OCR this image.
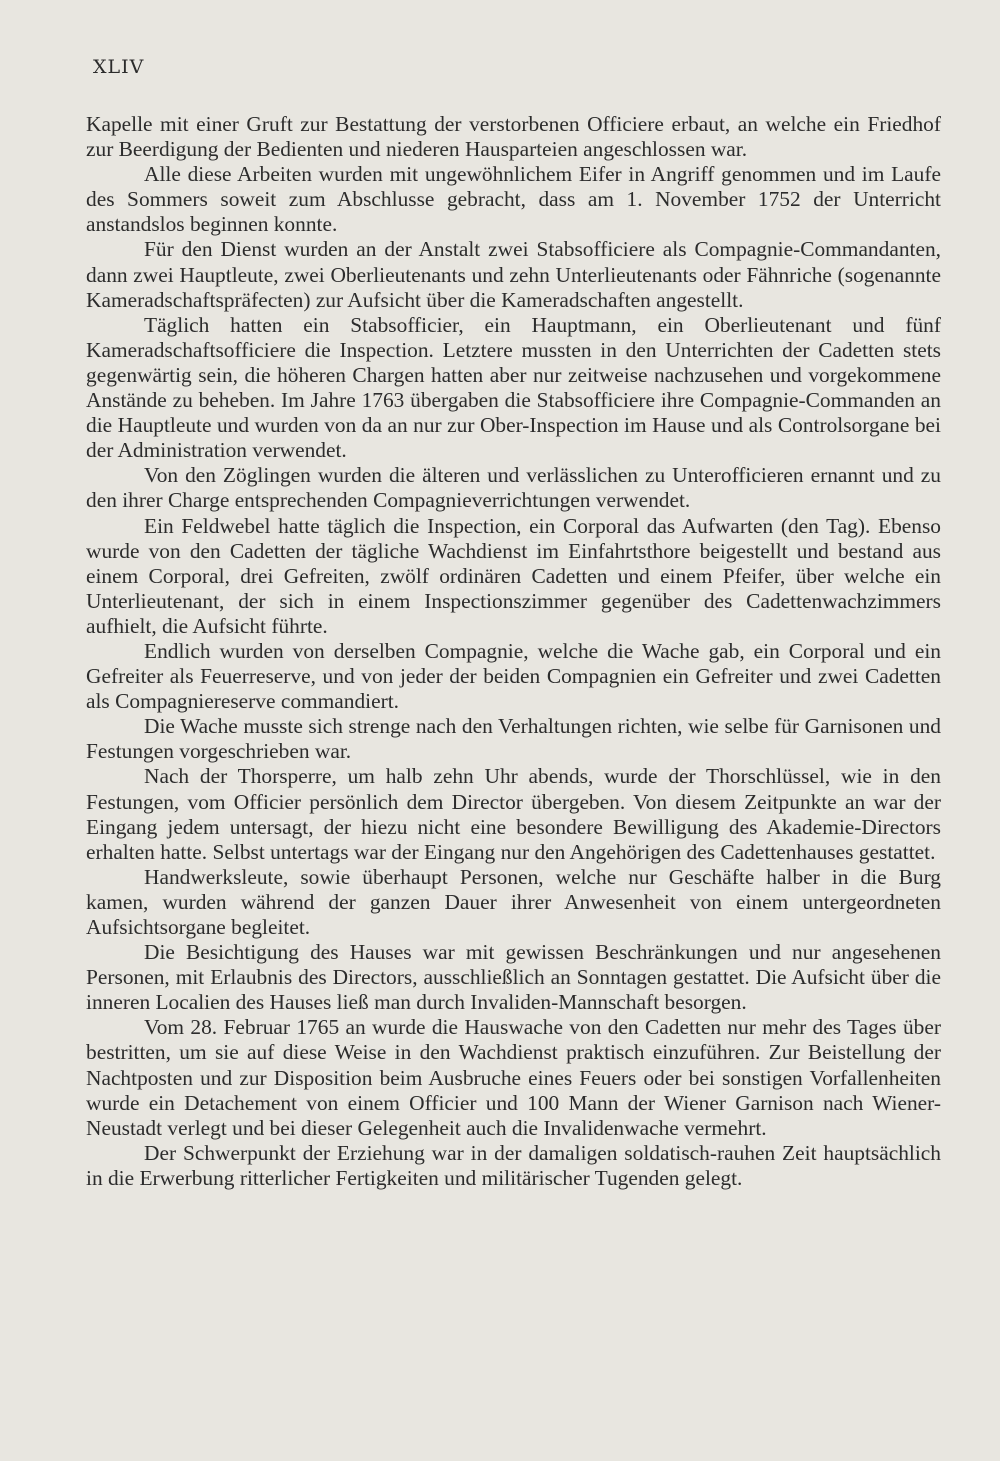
XLIV

Kapelle mit einer Gruft zur Bestattung der verstorbenen Officiere erbaut, an welche ein Friedhof zur Beerdigung der Bedienten und niederen Hausparteien angeschlossen war.

Alle diese Arbeiten wurden mit ungewöhnlichem Eifer in Angriff genommen und im Laufe des Sommers soweit zum Abschlusse gebracht, dass am 1. November 1752 der Unterricht anstandslos beginnen konnte.

Für den Dienst wurden an der Anstalt zwei Stabsofficiere als Compagnie-Commandanten, dann zwei Hauptleute, zwei Oberlieutenants und zehn Unterlieutenants oder Fähnriche (sogenannte Kameradschaftspräfecten) zur Aufsicht über die Kameradschaften angestellt.

Täglich hatten ein Stabsofficier, ein Hauptmann, ein Oberlieutenant und fünf Kameradschaftsofficiere die Inspection. Letztere mussten in den Unterrichten der Cadetten stets gegenwärtig sein, die höheren Chargen hatten aber nur zeitweise nachzusehen und vorgekommene Anstände zu beheben. Im Jahre 1763 übergaben die Stabsofficiere ihre Compagnie-Commanden an die Hauptleute und wurden von da an nur zur Ober-Inspection im Hause und als Controlsorgane bei der Administration verwendet.

Von den Zöglingen wurden die älteren und verlässlichen zu Unterofficieren ernannt und zu den ihrer Charge entsprechenden Compagnieverrichtungen verwendet.

Ein Feldwebel hatte täglich die Inspection, ein Corporal das Aufwarten (den Tag). Ebenso wurde von den Cadetten der tägliche Wachdienst im Einfahrtsthore beigestellt und bestand aus einem Corporal, drei Gefreiten, zwölf ordinären Cadetten und einem Pfeifer, über welche ein Unterlieutenant, der sich in einem Inspectionszimmer gegenüber des Cadettenwachzimmers aufhielt, die Aufsicht führte.

Endlich wurden von derselben Compagnie, welche die Wache gab, ein Corporal und ein Gefreiter als Feuerreserve, und von jeder der beiden Compagnien ein Gefreiter und zwei Cadetten als Compagniereserve commandiert.

Die Wache musste sich strenge nach den Verhaltungen richten, wie selbe für Garnisonen und Festungen vorgeschrieben war.

Nach der Thorsperre, um halb zehn Uhr abends, wurde der Thorschlüssel, wie in den Festungen, vom Officier persönlich dem Director übergeben. Von diesem Zeitpunkte an war der Eingang jedem untersagt, der hiezu nicht eine besondere Bewilligung des Akademie-Directors erhalten hatte. Selbst untertags war der Eingang nur den Angehörigen des Cadettenhauses gestattet.

Handwerksleute, sowie überhaupt Personen, welche nur Geschäfte halber in die Burg kamen, wurden während der ganzen Dauer ihrer Anwesenheit von einem untergeordneten Aufsichtsorgane begleitet.

Die Besichtigung des Hauses war mit gewissen Beschränkungen und nur angesehenen Personen, mit Erlaubnis des Directors, ausschließlich an Sonntagen gestattet. Die Aufsicht über die inneren Localien des Hauses ließ man durch Invaliden-Mannschaft besorgen.

Vom 28. Februar 1765 an wurde die Hauswache von den Cadetten nur mehr des Tages über bestritten, um sie auf diese Weise in den Wachdienst praktisch einzuführen. Zur Beistellung der Nachtposten und zur Disposition beim Ausbruche eines Feuers oder bei sonstigen Vorfallenheiten wurde ein Detachement von einem Officier und 100 Mann der Wiener Garnison nach Wiener-Neustadt verlegt und bei dieser Gelegenheit auch die Invalidenwache vermehrt.

Der Schwerpunkt der Erziehung war in der damaligen soldatisch-rauhen Zeit hauptsächlich in die Erwerbung ritterlicher Fertigkeiten und militärischer Tugenden gelegt.
